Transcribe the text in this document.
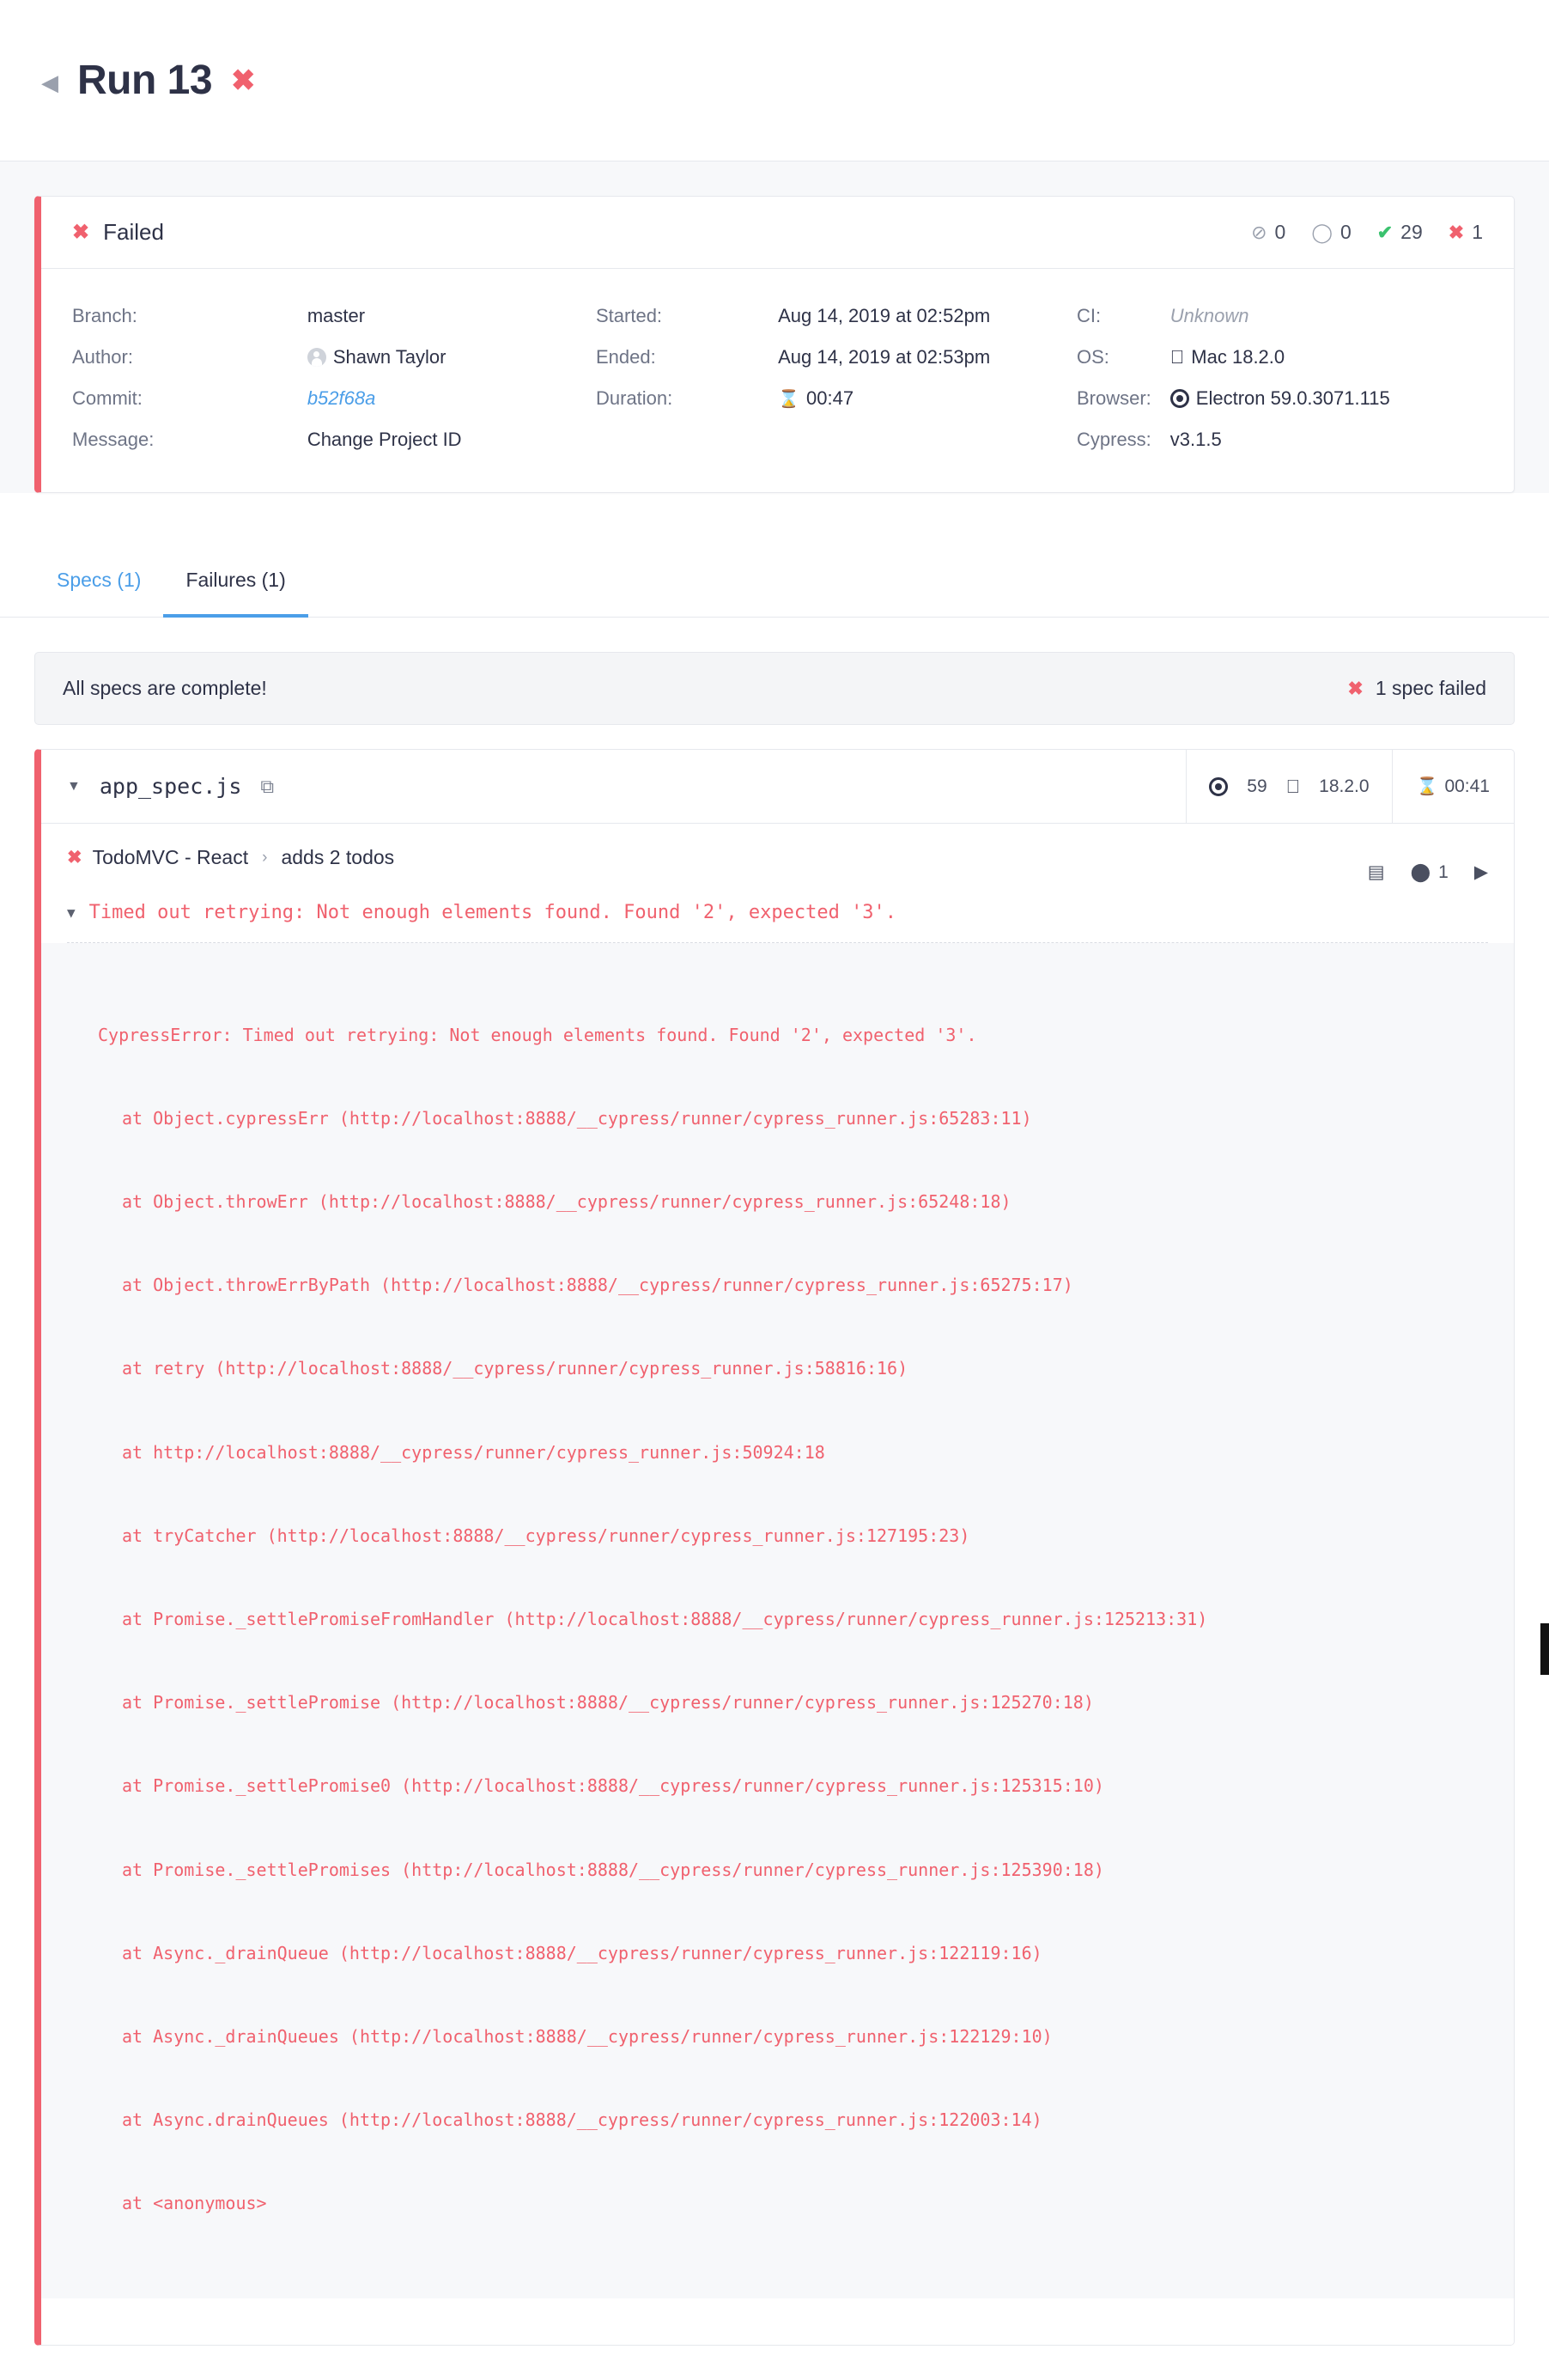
◀ Run 13 ✖
✖ Failed	⊘ 0 ◯ 0 ✔ 29 ✖ 1
Branch:	master
Author:	Shawn Taylor
Commit:	b52f68a
Message:	Change Project ID
Started:	Aug 14, 2019 at 02:52pm
Ended:	Aug 14, 2019 at 02:53pm
Duration:	⌛ 00:47
CI:	Unknown
OS:	Mac 18.2.0
Browser: Electron 59.0.3071.115
Cypress: v3.1.5
Specs (1)	Failures (1)
All specs are complete!	✖ 1 spec failed
▼ app_spec.js ⧉	59	18.2.0	⌛ 00:41
✖ TodoMVC - React › adds 2 todos
▤ ⬤ 1 ▶
▼ Timed out retrying: Not enough elements found. Found '2', expected '3'.

CypressError: Timed out retrying: Not enough elements found. Found '2', expected '3'.

at Object.cypressErr (http://localhost:8888/__cypress/runner/cypress_runner.js:65283:11)

at Object.throwErr (http://localhost:8888/__cypress/runner/cypress_runner.js:65248:18)

at Object.throwErrByPath (http://localhost:8888/__cypress/runner/cypress_runner.js:65275:17)

at retry (http://localhost:8888/__cypress/runner/cypress_runner.js:58816:16)

at http://localhost:8888/__cypress/runner/cypress_runner.js:50924:18

at tryCatcher (http://localhost:8888/__cypress/runner/cypress_runner.js:127195:23)

at Promise._settlePromiseFromHandler (http://localhost:8888/__cypress/runner/cypress_runner.js:125213:31)

at Promise._settlePromise (http://localhost:8888/__cypress/runner/cypress_runner.js:125270:18)

at Promise._settlePromise0 (http://localhost:8888/__cypress/runner/cypress_runner.js:125315:10)

at Promise._settlePromises (http://localhost:8888/__cypress/runner/cypress_runner.js:125390:18)

at Async._drainQueue (http://localhost:8888/__cypress/runner/cypress_runner.js:122119:16)

at Async._drainQueues (http://localhost:8888/__cypress/runner/cypress_runner.js:122129:10)

at Async.drainQueues (http://localhost:8888/__cypress/runner/cypress_runner.js:122003:14)

at <anonymous>
